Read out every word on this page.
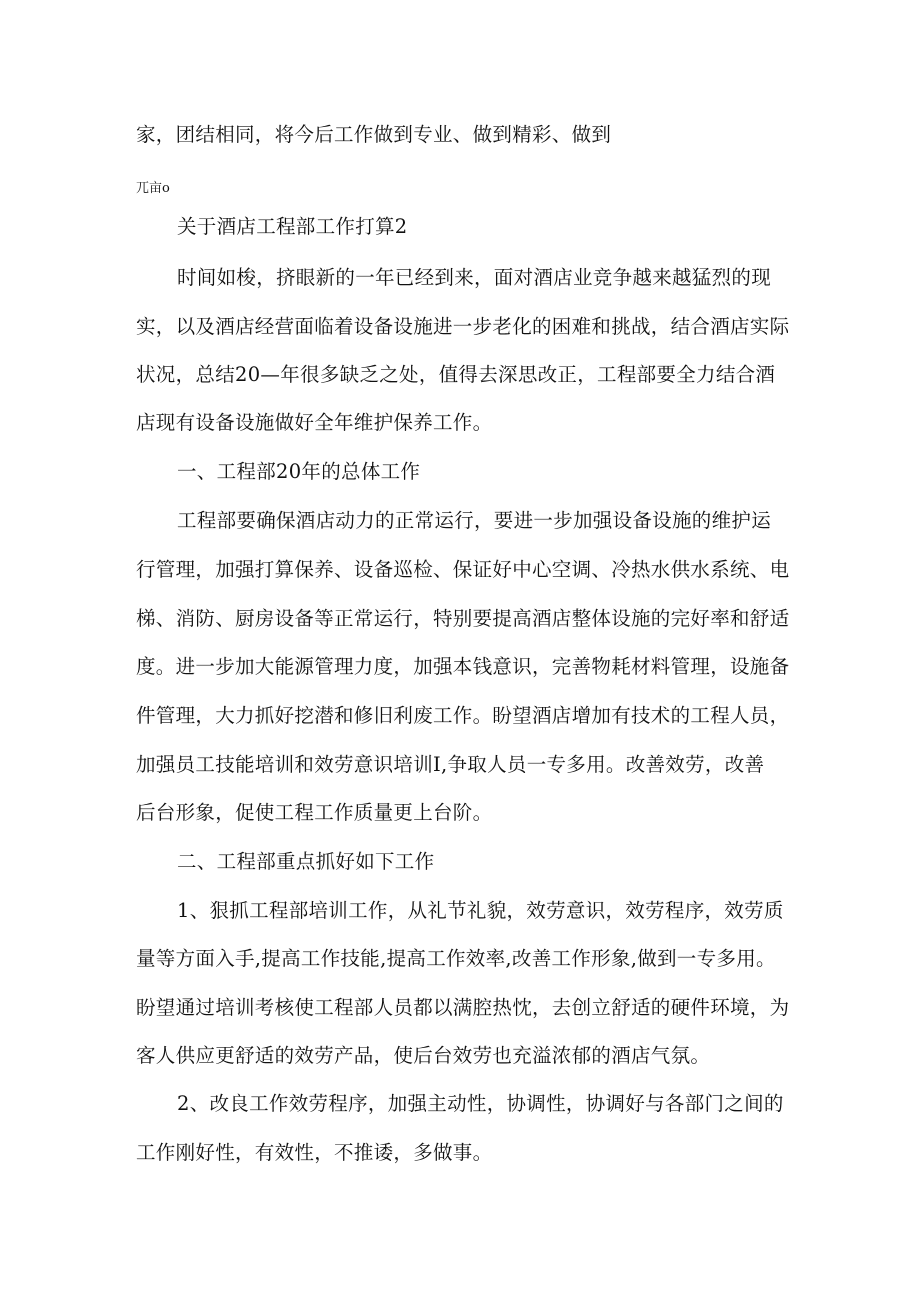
家，团结相同，将今后工作做到专业、做到精彩、做到
兀亩o
关于酒店工程部工作打算2
时间如梭，挤眼新的一年已经到来，面对酒店业竞争越来越猛烈的现
实，以及酒店经营面临着设备设施进一步老化的困难和挑战，结合酒店实际
状况，总结20—年很多缺乏之处，值得去深思改正，工程部要全力结合酒
店现有设备设施做好全年维护保养工作。
一、工程部20年的总体工作
工程部要确保酒店动力的正常运行，要进一步加强设备设施的维护运
行管理，加强打算保养、设备巡检、保证好中心空调、冷热水供水系统、电
梯、消防、厨房设备等正常运行，特别要提高酒店整体设施的完好率和舒适
度。进一步加大能源管理力度，加强本钱意识，完善物耗材料管理，设施备
件管理，大力抓好挖潜和修旧利废工作。盼望酒店增加有技术的工程人员，
加强员工技能培训和效劳意识培训I,争取人员一专多用。改善效劳，改善
后台形象，促使工程工作质量更上台阶。
二、工程部重点抓好如下工作
1、狠抓工程部培训工作，从礼节礼貌，效劳意识，效劳程序，效劳质
量等方面入手,提高工作技能,提高工作效率,改善工作形象,做到一专多用。
盼望通过培训考核使工程部人员都以满腔热忱，去创立舒适的硬件环境，为
客人供应更舒适的效劳产品，使后台效劳也充溢浓郁的酒店气氛。
2、改良工作效劳程序，加强主动性，协调性，协调好与各部门之间的
工作刚好性，有效性，不推诿，多做事。
